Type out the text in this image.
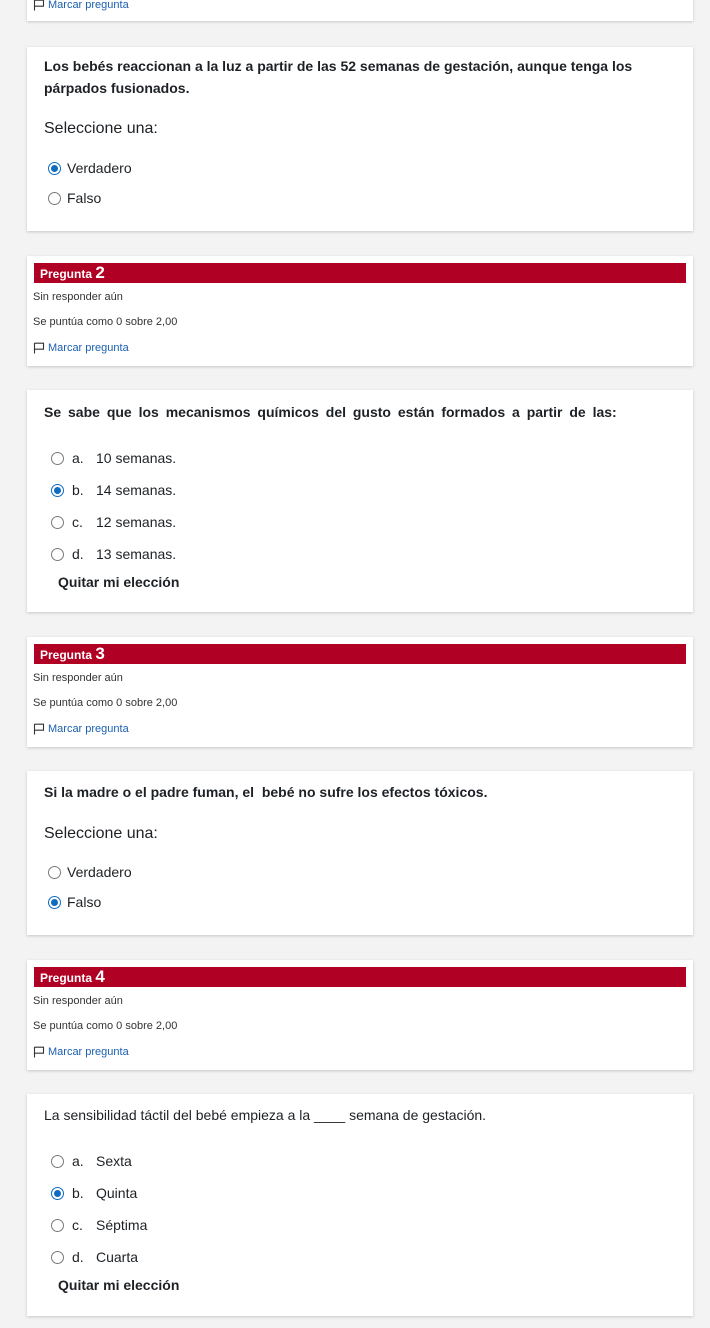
Marcar pregunta
Los bebés reaccionan a la luz a partir de las 52 semanas de gestación, aunque tenga los párpados fusionados.
Seleccione una:
Verdadero
Falso
Pregunta 2
Sin responder aún
Se puntúa como 0 sobre 2,00
Marcar pregunta
Se sabe que los mecanismos químicos del gusto están formados a partir de las:
a. 10 semanas.
b. 14 semanas.
c. 12 semanas.
d. 13 semanas.
Quitar mi elección
Pregunta 3
Sin responder aún
Se puntúa como 0 sobre 2,00
Marcar pregunta
Si la madre o el padre fuman, el  bebé no sufre los efectos tóxicos.
Seleccione una:
Verdadero
Falso
Pregunta 4
Sin responder aún
Se puntúa como 0 sobre 2,00
Marcar pregunta
La sensibilidad táctil del bebé empieza a la ____ semana de gestación.
a. Sexta
b. Quinta
c. Séptima
d. Cuarta
Quitar mi elección
